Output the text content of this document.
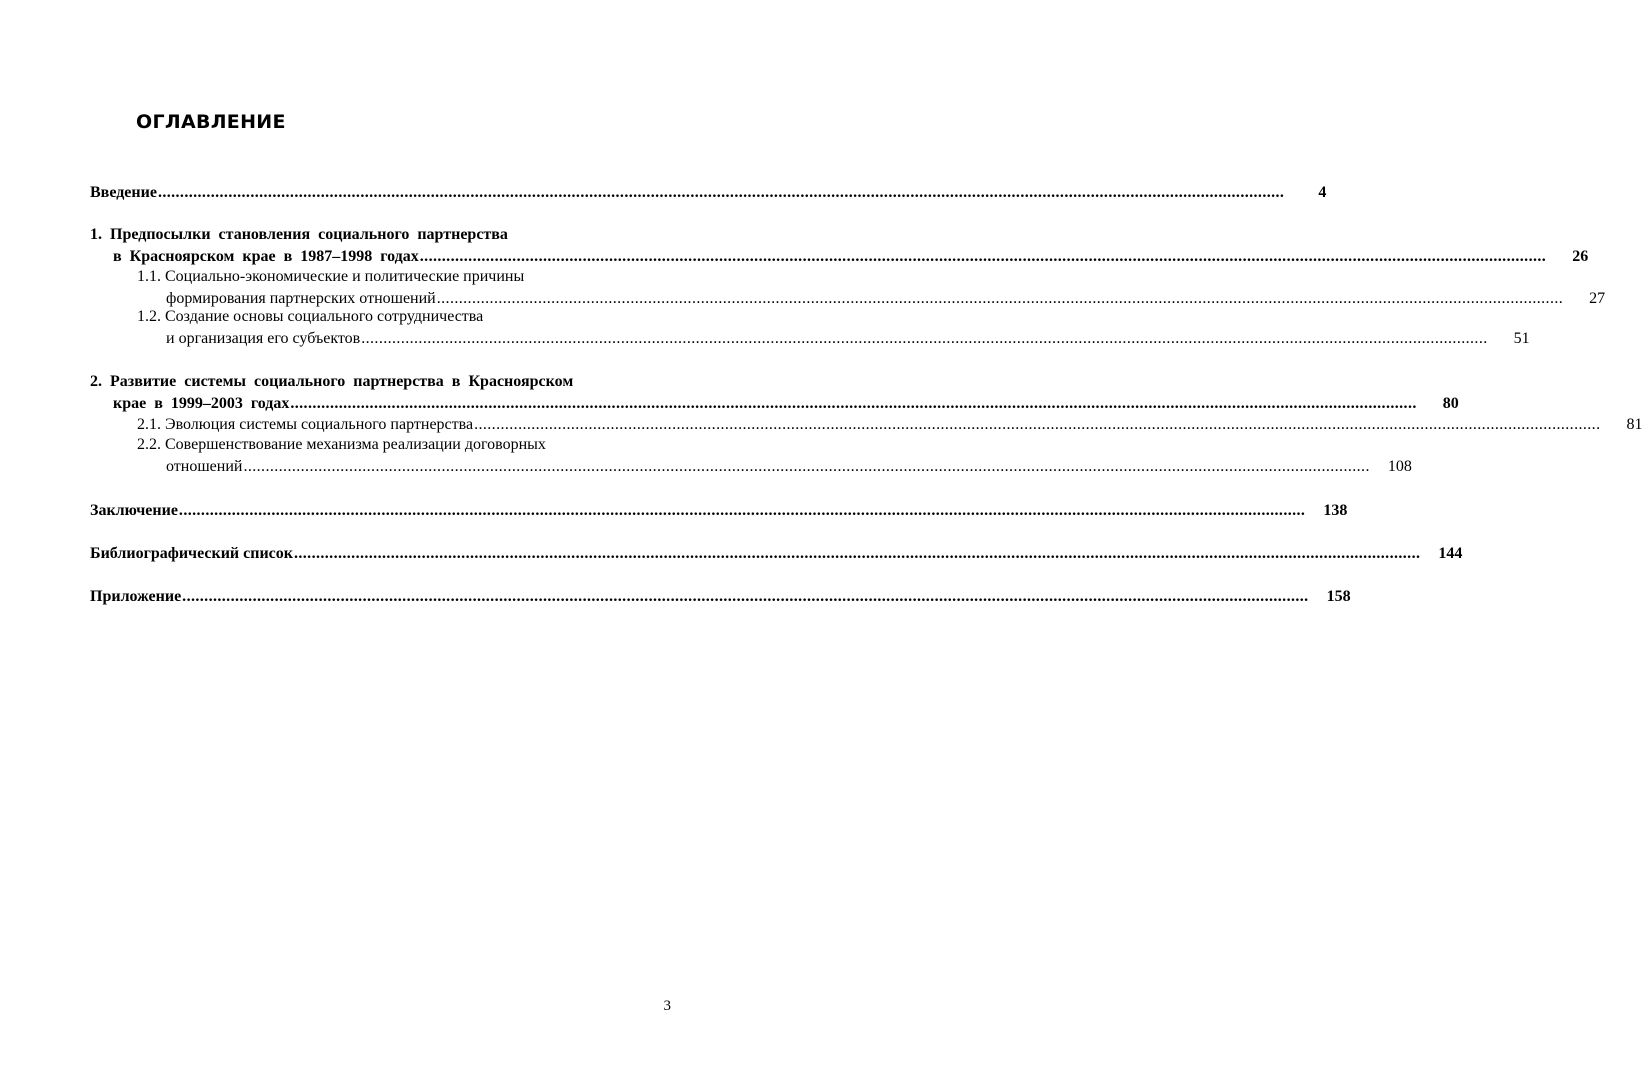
ОГЛАВЛЕНИЕ
Введение ................................................................................................................................................................................................................................................................	4
1. Предпосылки становления социального партнерства
в Красноярском крае в 1987–1998 годах ................................................................................................................................................................................................................................................................	26
1.1. Социально-экономические и политические причины
формирования партнерских отношений ................................................................................................................................................................................................................................................................	27
1.2. Создание основы социального сотрудничества
и организация его субъектов ................................................................................................................................................................................................................................................................	51
2. Развитие системы социального партнерства в Красноярском
крае в 1999–2003 годах ................................................................................................................................................................................................................................................................	80
2.1. Эволюция системы социального партнерства ................................................................................................................................................................................................................................................................	81
2.2. Совершенствование механизма реализации договорных
отношений ................................................................................................................................................................................................................................................................	108
Заключение ................................................................................................................................................................................................................................................................	138
Библиографический список ................................................................................................................................................................................................................................................................	144
Приложение ................................................................................................................................................................................................................................................................	158
3
